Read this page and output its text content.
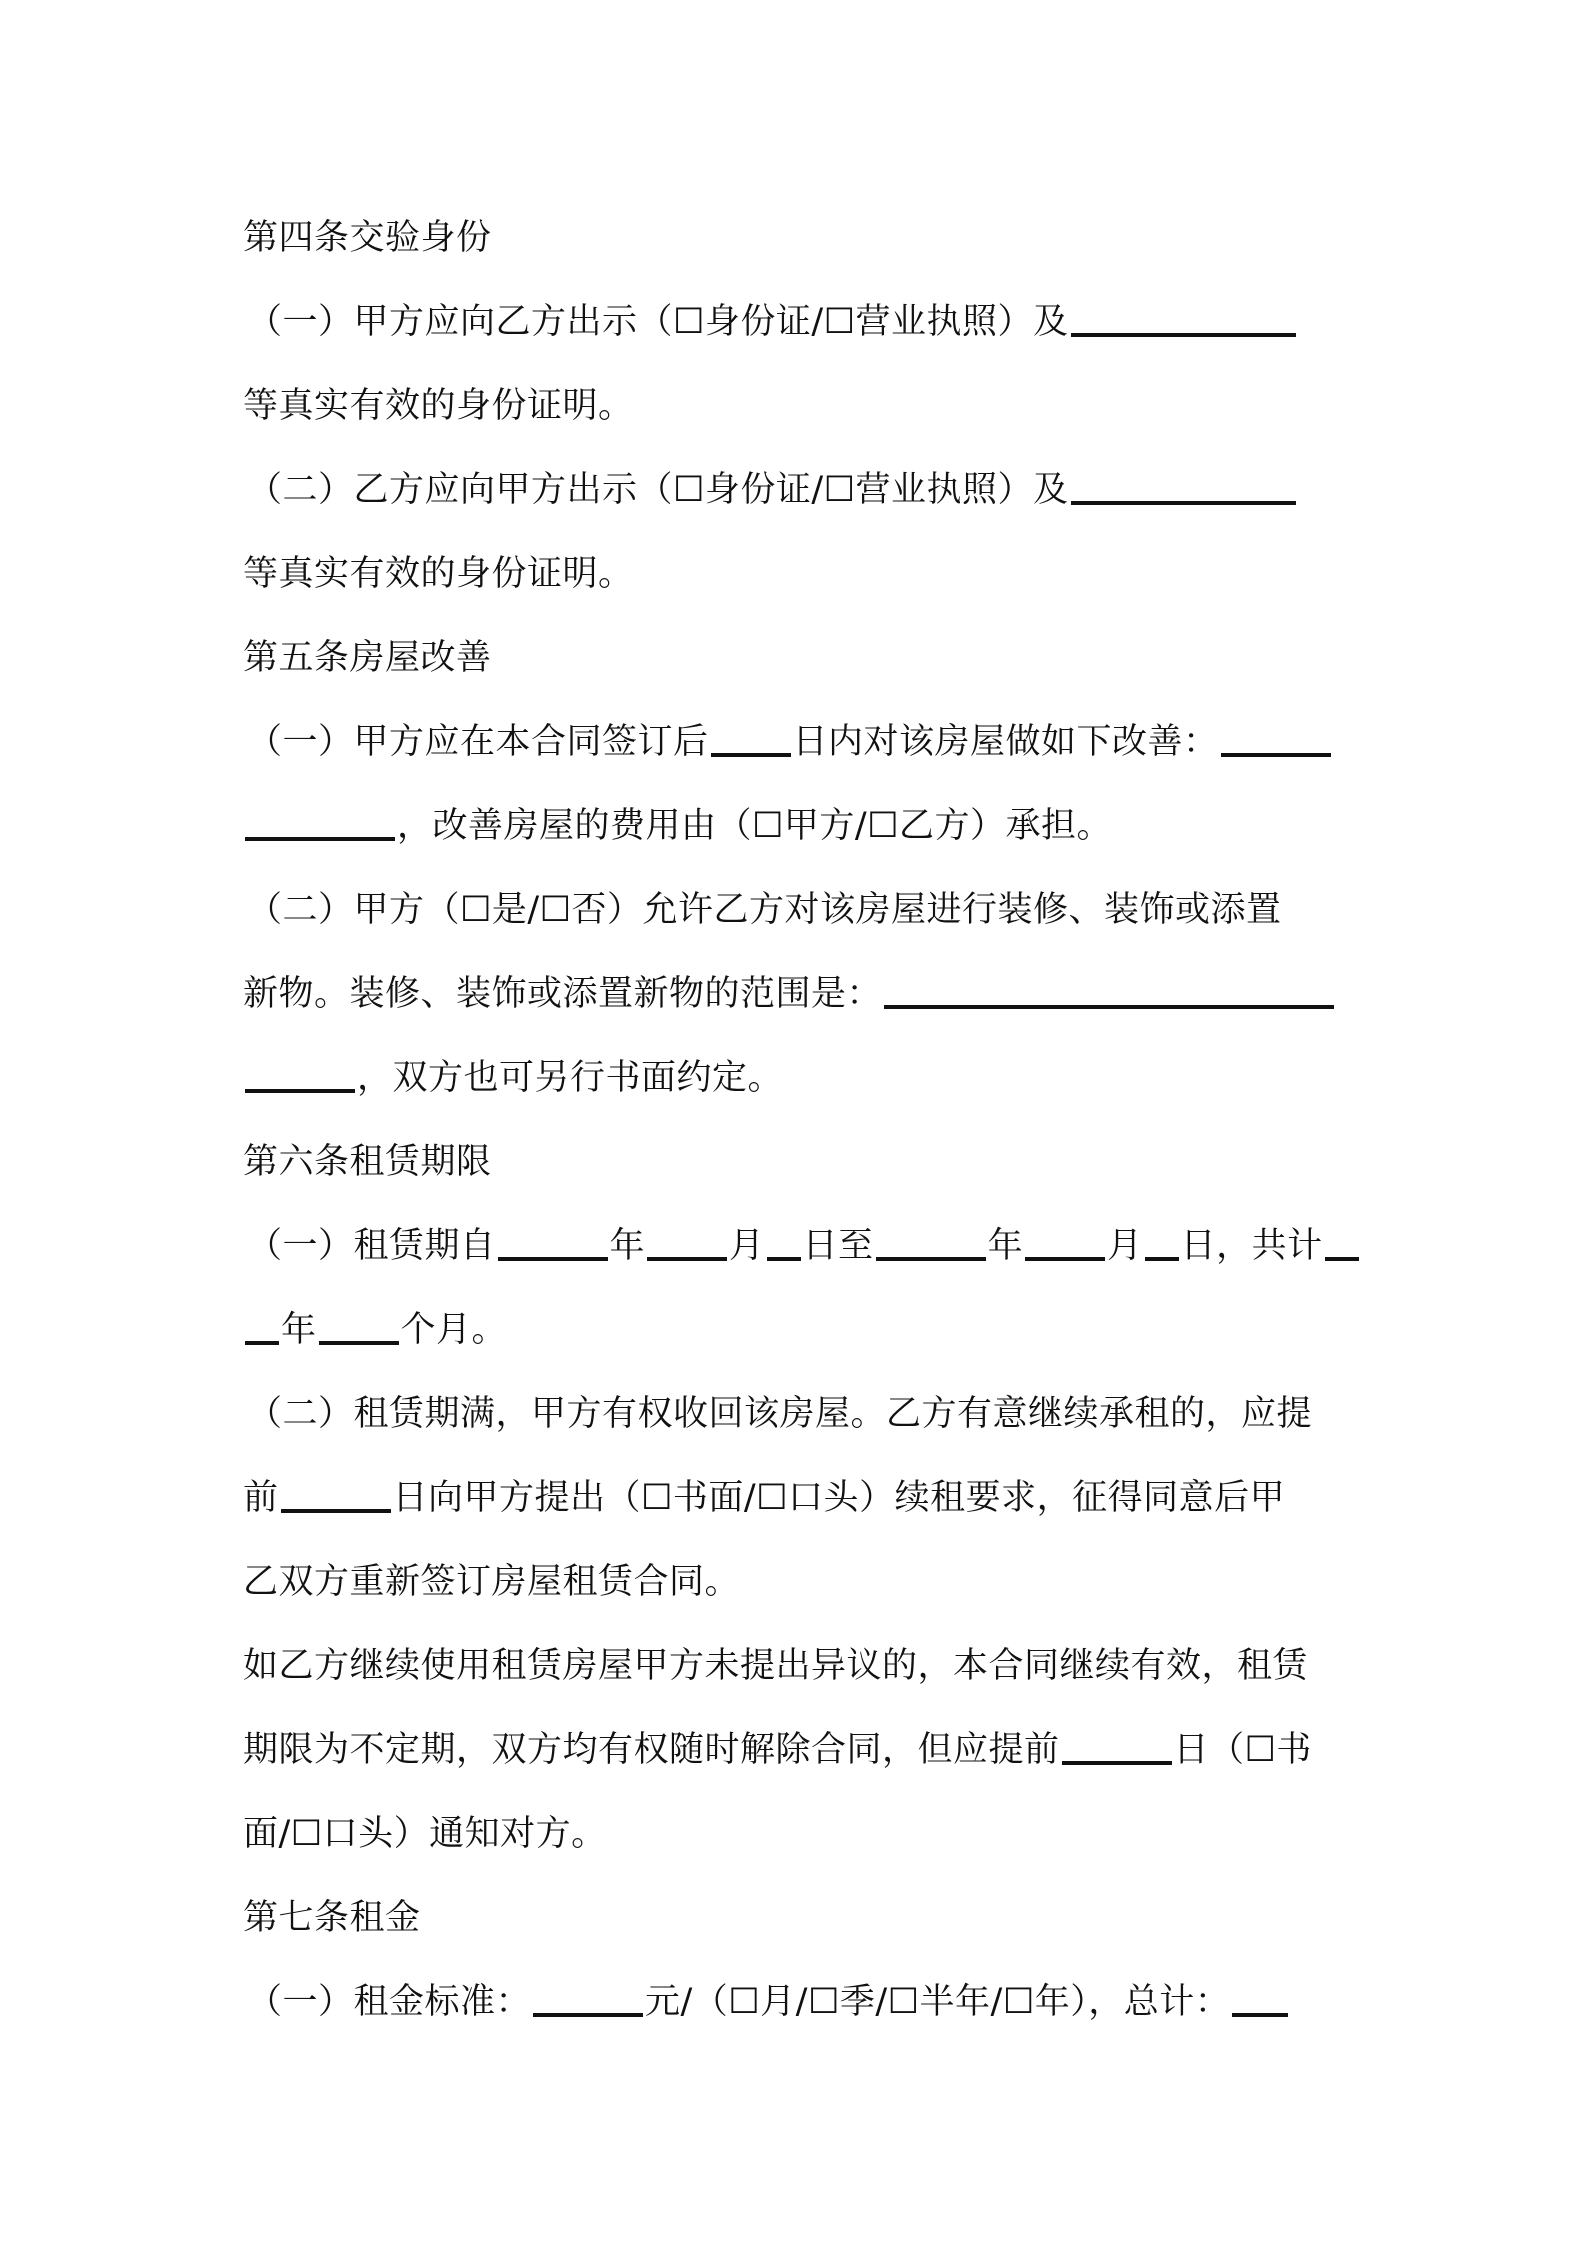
第四条交验身份
（一）甲方应向乙方出示（☐身份证/☐营业执照）及
等真实有效的身份证明。
（二）乙方应向甲方出示（☐身份证/☐营业执照）及
等真实有效的身份证明。
第五条房屋改善
（一）甲方应在本合同签订后 日内对该房屋做如下改善：
，改善房屋的费用由（☐甲方/☐乙方）承担。
（二）甲方（☐是/☐否）允许乙方对该房屋进行装修、装饰或添置
新物。装修、装饰或添置新物的范围是：
，双方也可另行书面约定。
第六条租赁期限
（一）租赁期自	年 月 日至	年 月 日，共计
年 个月。
（二）租赁期满，甲方有权收回该房屋。乙方有意继续承租的，应提
前	日向甲方提出（☐书面/☐口头）续租要求，征得同意后甲
乙双方重新签订房屋租赁合同。
如乙方继续使用租赁房屋甲方未提出异议的，本合同继续有效，租赁
期限为不定期，双方均有权随时解除合同，但应提前	日（☐书
面/☐口头）通知对方。
第七条租金
（一）租金标准：	元/（☐月/☐季/☐半年/☐年），总计：
